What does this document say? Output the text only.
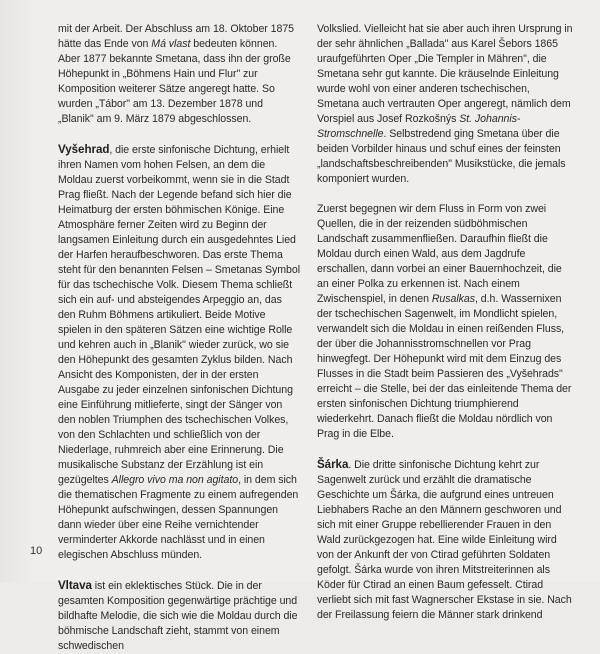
mit der Arbeit. Der Abschluss am 18. Oktober 1875 hätte das Ende von Má vlast bedeuten können. Aber 1877 bekannte Smetana, dass ihn der große Höhepunkt in „Böhmens Hain und Flur" zur Komposition weiterer Sätze angeregt hatte. So wurden „Tábor" am 13. Dezember 1878 und „Blanik" am 9. März 1879 abgeschlossen.

Vyšehrad, die erste sinfonische Dichtung, erhielt ihren Namen vom hohen Felsen, an dem die Moldau zuerst vorbeikommt, wenn sie in die Stadt Prag fließt. Nach der Legende befand sich hier die Heimatburg der ersten böhmischen Könige. Eine Atmosphäre ferner Zeiten wird zu Beginn der langsamen Einleitung durch ein ausgedehntes Lied der Harfen heraufbeschworen. Das erste Thema steht für den benannten Felsen – Smetanas Symbol für das tschechische Volk. Diesem Thema schließt sich ein auf- und absteigendes Arpeggio an, das den Ruhm Böhmens artikuliert. Beide Motive spielen in den späteren Sätzen eine wichtige Rolle und kehren auch in „Blanik" wieder zurück, wo sie den Höhepunkt des gesamten Zyklus bilden. Nach Ansicht des Komponisten, der in der ersten Ausgabe zu jeder einzelnen sinfonischen Dichtung eine Einführung mitlieferte, singt der Sänger von den noblen Triumphen des tschechischen Volkes, von den Schlachten und schließlich von der Niederlage, ruhmreich aber eine Erinnerung. Die musikalische Substanz der Erzählung ist ein gezügeltes Allegro vivo ma non agitato, in dem sich die thematischen Fragmente zu einem aufregenden Höhepunkt aufschwingen, dessen Spannungen dann wieder über eine Reihe vernichtender verminderter Akkorde nachlässt und in einen elegischen Abschluss münden.

Vltava ist ein eklektisches Stück. Die in der gesamten Komposition gegenwärtige prächtige und bildhafte Melodie, die sich wie die Moldau durch die böhmische Landschaft zieht, stammt von einem schwedischen

Volkslied. Vielleicht hat sie aber auch ihren Ursprung in der sehr ähnlichen „Ballada" aus Karel Šebors 1865 uraufgeführten Oper „Die Templer in Mähren", die Smetana sehr gut kannte. Die kräuselnde Einleitung wurde wohl von einer anderen tschechischen, Smetana auch vertrauten Oper angeregt, nämlich dem Vorspiel aus Josef Rozkošnýs St. Johannis-Stromschnelle. Selbstredend ging Smetana über die beiden Vorbilder hinaus und schuf eines der feinsten „landschaftsbeschreibenden" Musikstücke, die jemals komponiert wurden.

Zuerst begegnen wir dem Fluss in Form von zwei Quellen, die in der reizenden südböhmischen Landschaft zusammenfließen. Daraufhin fließt die Moldau durch einen Wald, aus dem Jagdrufe erschallen, dann vorbei an einer Bauernhochzeit, die an einer Polka zu erkennen ist. Nach einem Zwischenspiel, in denen Rusalkas, d.h. Wassernixen der tschechischen Sagenwelt, im Mondlicht spielen, verwandelt sich die Moldau in einen reißenden Fluss, der über die Johannisstromschnellen vor Prag hinwegfegt. Der Höhepunkt wird mit dem Einzug des Flusses in die Stadt beim Passieren des „Vyšehrads" erreicht – die Stelle, bei der das einleitende Thema der ersten sinfonischen Dichtung triumphierend wiederkehrt. Danach fließt die Moldau nördlich von Prag in die Elbe.

Šárka. Die dritte sinfonische Dichtung kehrt zur Sagenwelt zurück und erzählt die dramatische Geschichte um Šárka, die aufgrund eines untreuen Liebhabers Rache an den Männern geschworen und sich mit einer Gruppe rebellierender Frauen in den Wald zurückgezogen hat. Eine wilde Einleitung wird von der Ankunft der von Ctirad geführten Soldaten gefolgt. Šárka wurde von ihren Mitstreiterinnen als Köder für Ctirad an einen Baum gefesselt. Ctirad verliebt sich mit fast Wagnerscher Ekstase in sie. Nach der Freilassung feiern die Männer stark drinkend

10
